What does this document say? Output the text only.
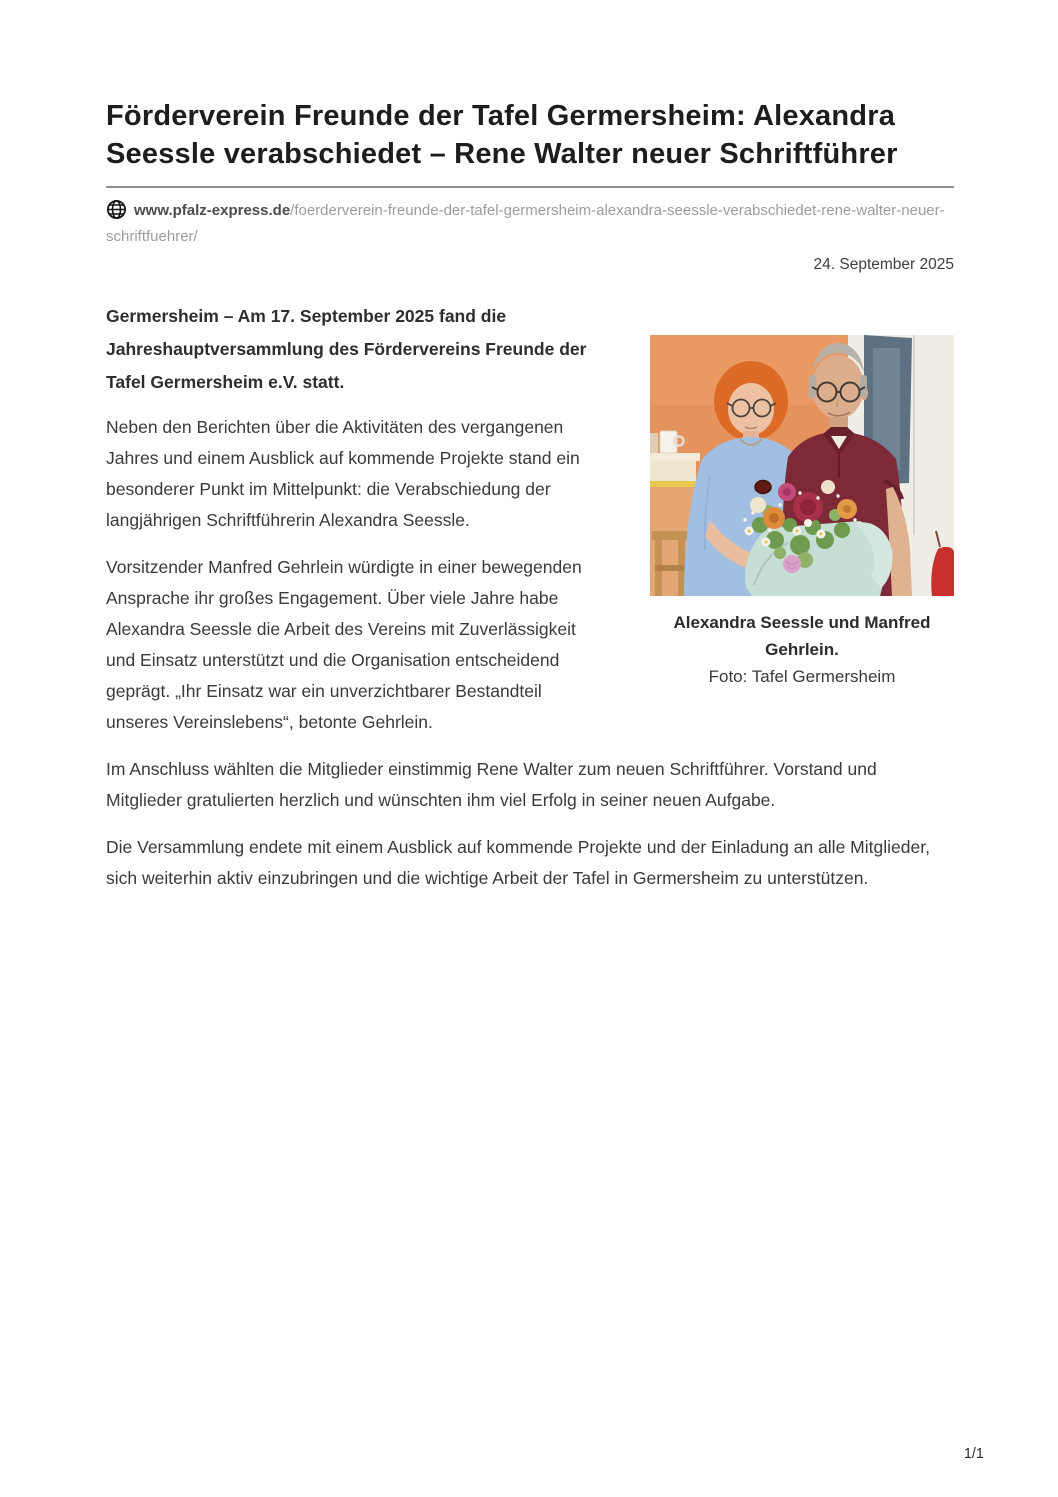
Förderverein Freunde der Tafel Germersheim: Alexandra Seessle verabschiedet – Rene Walter neuer Schriftführer
www.pfalz-express.de/foerderverein-freunde-der-tafel-germersheim-alexandra-seessle-verabschiedet-rene-walter-neuer-schriftfuehrer/
24. September 2025
Alexandra Seessle und Manfred Gehrlein.
Foto: Tafel Germersheim

Germersheim – Am 17. September 2025 fand die Jahreshauptversammlung des Fördervereins Freunde der Tafel Germersheim e.V. statt.

Neben den Berichten über die Aktivitäten des vergangenen Jahres und einem Ausblick auf kommende Projekte stand ein besonderer Punkt im Mittelpunkt: die Verabschiedung der langjährigen Schriftführerin Alexandra Seessle.

Vorsitzender Manfred Gehrlein würdigte in einer bewegenden Ansprache ihr großes Engagement. Über viele Jahre habe Alexandra Seessle die Arbeit des Vereins mit Zuverlässigkeit und Einsatz unterstützt und die Organisation entscheidend geprägt. „Ihr Einsatz war ein unverzichtbarer Bestandteil unseres Vereinslebens“, betonte Gehrlein.

Im Anschluss wählten die Mitglieder einstimmig Rene Walter zum neuen Schriftführer. Vorstand und Mitglieder gratulierten herzlich und wünschten ihm viel Erfolg in seiner neuen Aufgabe.

Die Versammlung endete mit einem Ausblick auf kommende Projekte und der Einladung an alle Mitglieder, sich weiterhin aktiv einzubringen und die wichtige Arbeit der Tafel in Germersheim zu unterstützen.

1/1
